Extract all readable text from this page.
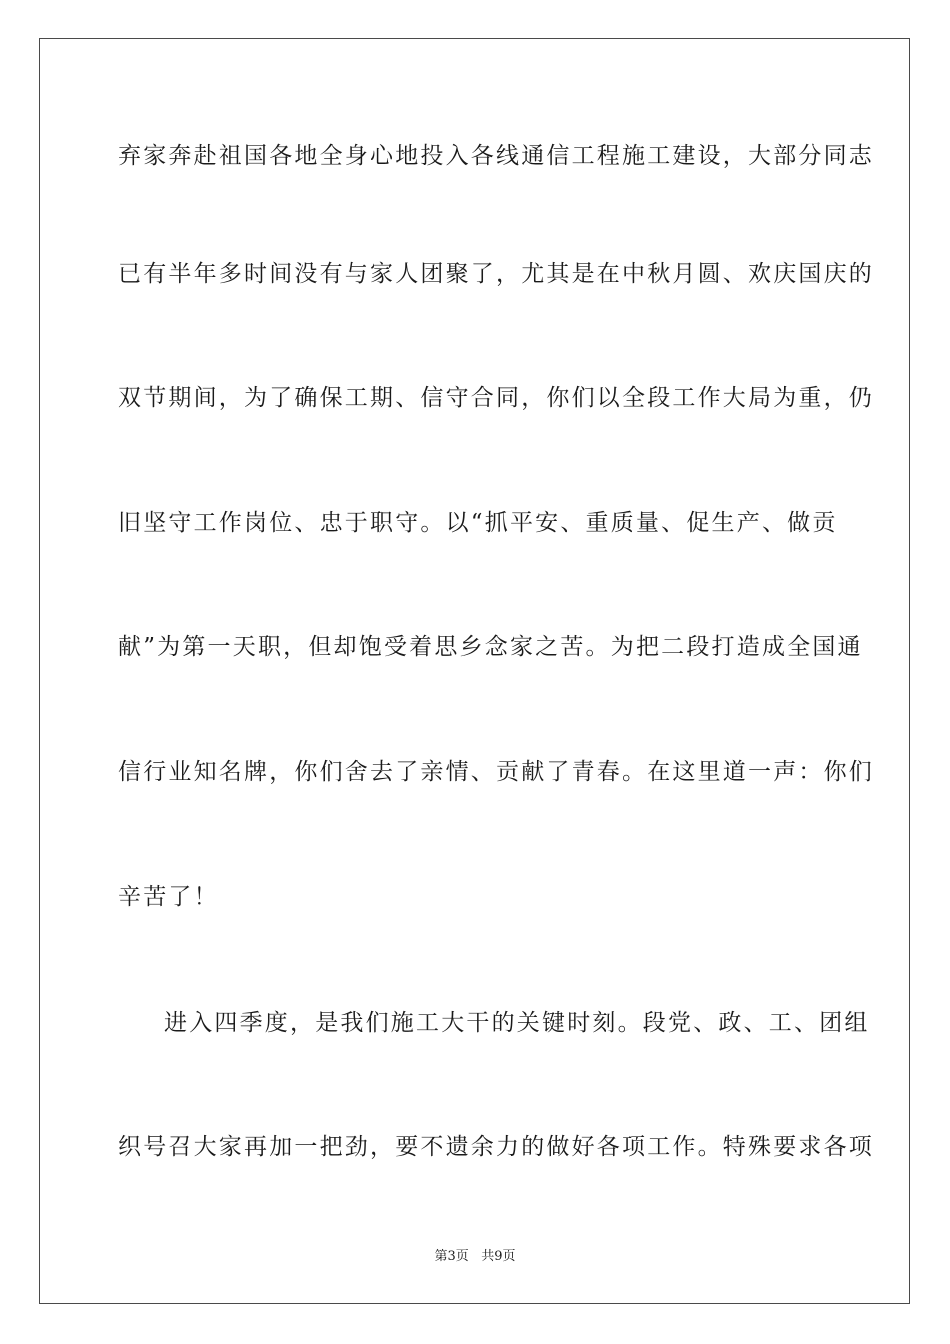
弃家奔赴祖国各地全身心地投入各线通信工程施工建设，大部分同志
已有半年多时间没有与家人团聚了，尤其是在中秋月圆、欢庆国庆的
双节期间，为了确保工期、信守合同，你们以全段工作大局为重，仍
旧坚守工作岗位、忠于职守。以“抓平安、重质量、促生产、做贡
献”为第一天职，但却饱受着思乡念家之苦。为把二段打造成全国通
信行业知名牌，你们舍去了亲情、贡献了青春。在这里道一声：你们
辛苦了！
进入四季度，是我们施工大干的关键时刻。段党、政、工、团组
织号召大家再加一把劲，要不遗余力的做好各项工作。特殊要求各项
第3页 共9页
